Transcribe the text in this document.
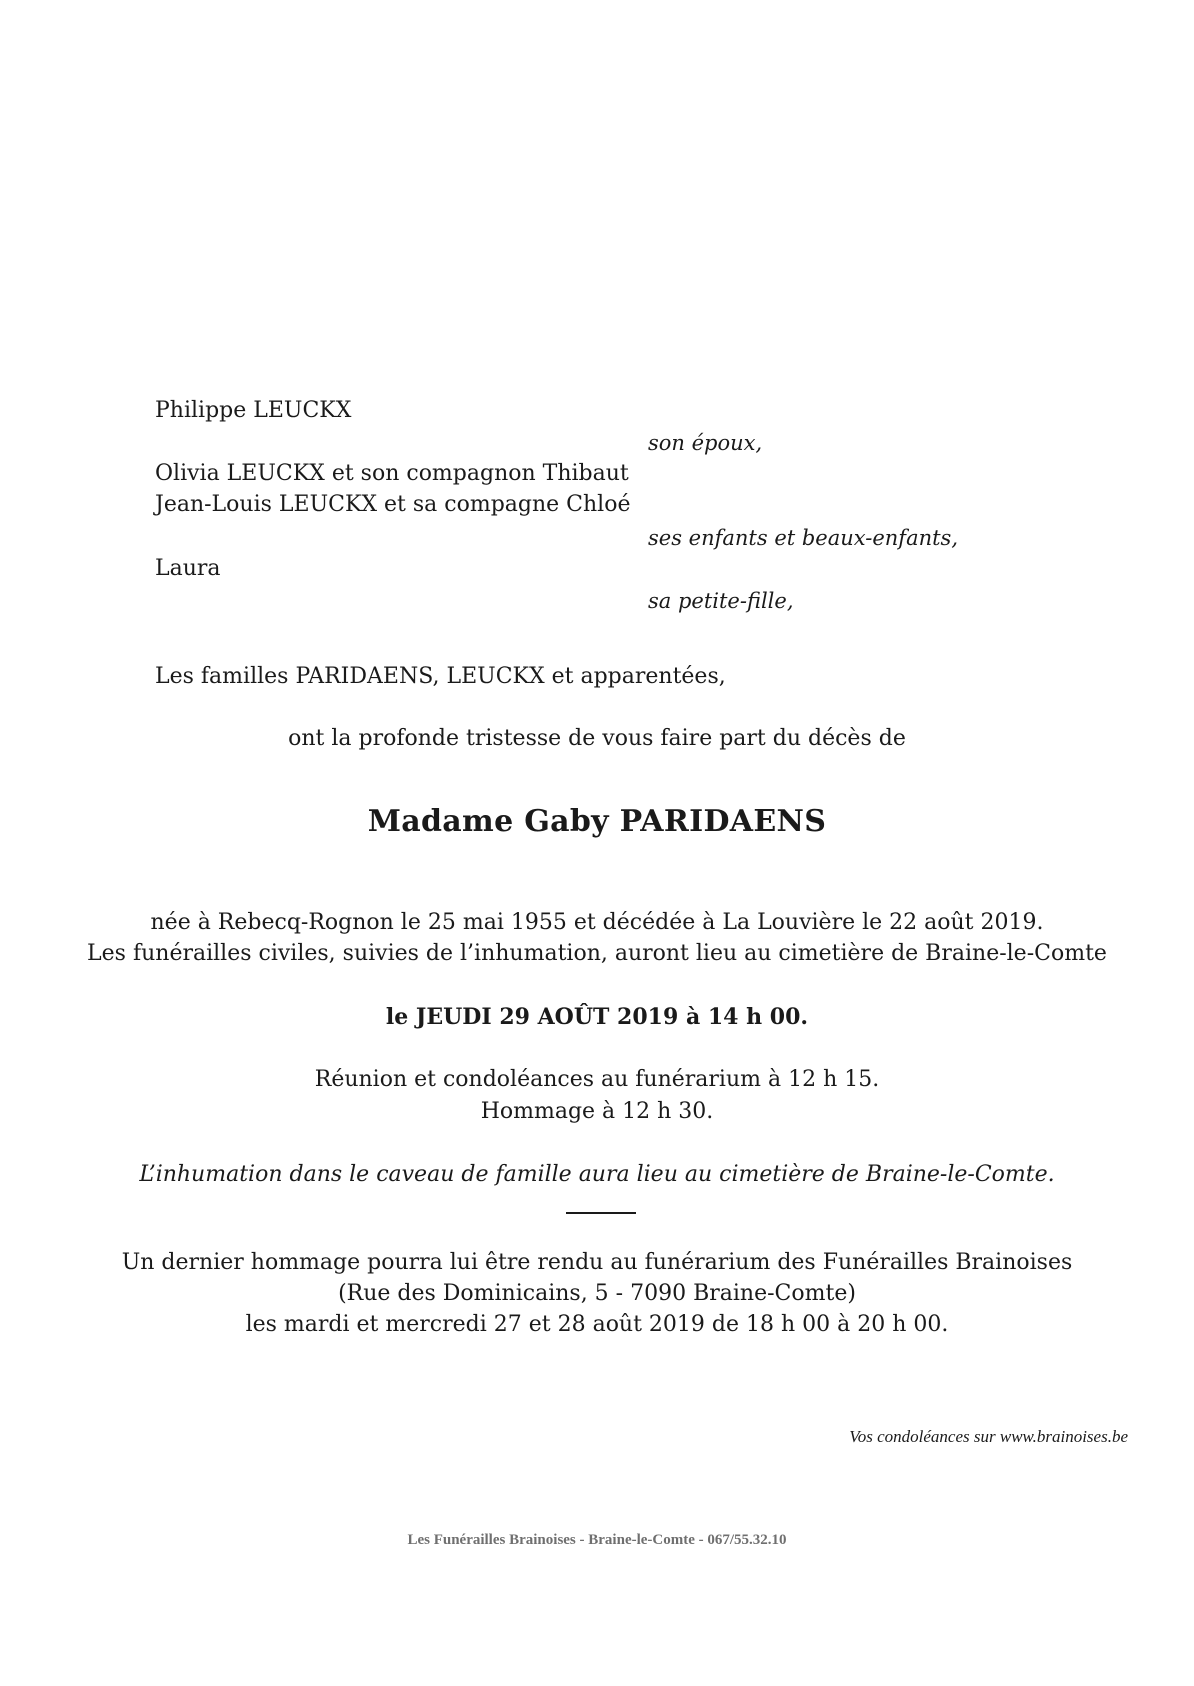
Philippe LEUCKX
son époux,
Olivia LEUCKX et son compagnon Thibaut
Jean-Louis LEUCKX et sa compagne Chloé
ses enfants et beaux-enfants,
Laura
sa petite-fille,
Les familles PARIDAENS, LEUCKX et apparentées,
ont la profonde tristesse de vous faire part du décès de
Madame Gaby PARIDAENS
née à Rebecq-Rognon le 25 mai 1955 et décédée à La Louvière le 22 août 2019.
Les funérailles civiles, suivies de l’inhumation, auront lieu au cimetière de Braine-le-Comte
le JEUDI 29 AOÛT 2019 à 14 h 00.
Réunion et condoléances au funérarium à 12 h 15.
Hommage à 12 h 30.
L’inhumation dans le caveau de famille aura lieu au cimetière de Braine-le-Comte.
Un dernier hommage pourra lui être rendu au funérarium des Funérailles Brainoises
(Rue des Dominicains, 5 - 7090 Braine-Comte)
les mardi et mercredi 27 et 28 août 2019 de 18 h 00 à 20 h 00.
Vos condoléances sur www.brainoises.be
Les Funérailles Brainoises - Braine-le-Comte - 067/55.32.10
